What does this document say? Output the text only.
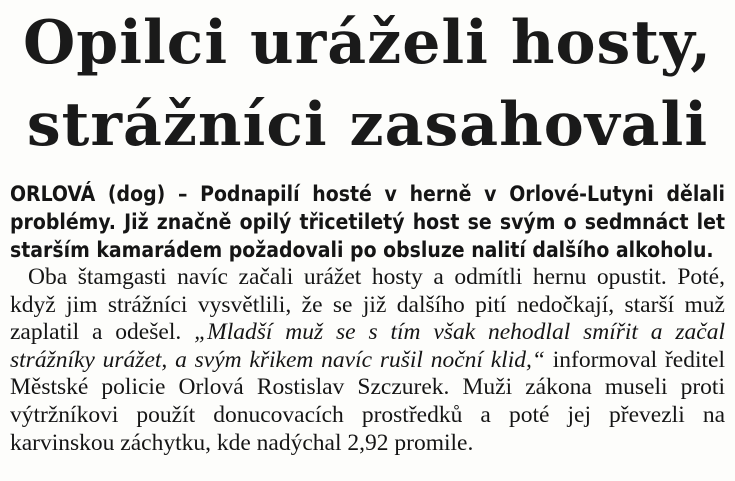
Opilci uráželi hosty,
strážníci zasahovali

ORLOVÁ (dog) – Podnapilí hosté v herně v Orlové-Lutyni dělali problémy. Již značně opilý třicetiletý host se svým o sedmnáct let starším kamarádem požadovali po obsluze nalití dalšího alkoholu.

Oba štamgasti navíc začali urážet hosty a odmítli hernu opustit. Poté, když jim strážníci vysvětlili, že se již dalšího pití nedočkají, starší muž zaplatil a odešel. „Mladší muž se s tím však nehodlal smířit a začal strážníky urážet, a svým křikem navíc rušil noční klid,“ informoval ředitel Městské policie Orlová Rostislav Szczurek. Muži zákona museli proti výtržníkovi použít donucovacích prostředků a poté jej převezli na karvinskou záchytku, kde nadýchal 2,92 promile.
